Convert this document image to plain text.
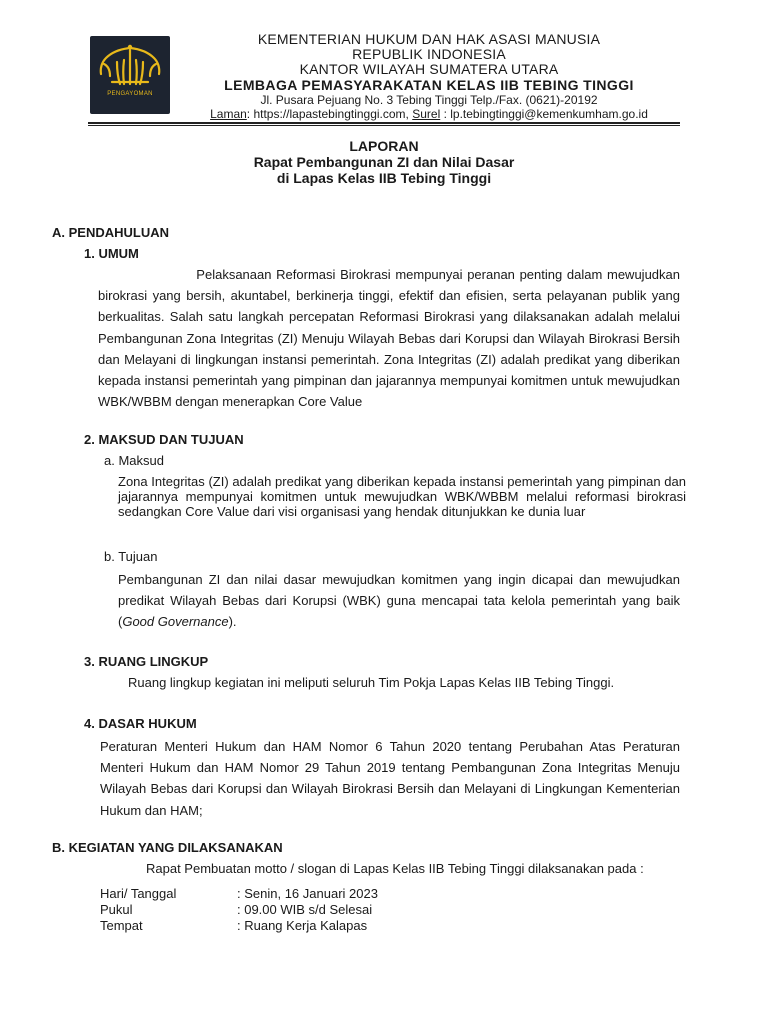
PENGAYOMAN
KEMENTERIAN HUKUM DAN HAK ASASI MANUSIA
REPUBLIK INDONESIA
KANTOR WILAYAH SUMATERA UTARA
LEMBAGA PEMASYARAKATAN KELAS IIB TEBING TINGGI
Jl. Pusara Pejuang No. 3 Tebing Tinggi Telp./Fax. (0621)-20192
Laman: https://lapastebingtinggi.com, Surel : lp.tebingtinggi@kemenkumham.go.id
LAPORAN
Rapat Pembangunan ZI dan Nilai Dasar
di Lapas Kelas IIB Tebing Tinggi
A. PENDAHULUAN
1. UMUM
Pelaksanaan Reformasi Birokrasi mempunyai peranan penting dalam mewujudkan birokrasi yang bersih, akuntabel, berkinerja tinggi, efektif dan efisien, serta pelayanan publik yang berkualitas. Salah satu langkah percepatan Reformasi Birokrasi yang dilaksanakan adalah melalui Pembangunan Zona Integritas (ZI) Menuju Wilayah Bebas dari Korupsi dan Wilayah Birokrasi Bersih dan Melayani di lingkungan instansi pemerintah. Zona Integritas (ZI) adalah predikat yang diberikan kepada instansi pemerintah yang pimpinan dan jajarannya mempunyai komitmen untuk mewujudkan WBK/WBBM dengan menerapkan Core Value
2. MAKSUD DAN TUJUAN
a. Maksud
Zona Integritas (ZI) adalah predikat yang diberikan kepada instansi pemerintah yang pimpinan dan jajarannya mempunyai komitmen untuk mewujudkan WBK/WBBM melalui reformasi birokrasi sedangkan Core Value dari visi organisasi yang hendak ditunjukkan ke dunia luar
b. Tujuan
Pembangunan ZI dan nilai dasar mewujudkan komitmen yang ingin dicapai dan mewujudkan predikat Wilayah Bebas dari Korupsi (WBK) guna mencapai tata kelola pemerintah yang baik (Good Governance).
3. RUANG LINGKUP
Ruang lingkup kegiatan ini meliputi seluruh Tim Pokja Lapas Kelas IIB Tebing Tinggi.
4. DASAR HUKUM
Peraturan Menteri Hukum dan HAM Nomor 6 Tahun 2020 tentang Perubahan Atas Peraturan Menteri Hukum dan HAM Nomor 29 Tahun 2019 tentang Pembangunan Zona Integritas Menuju Wilayah Bebas dari Korupsi dan Wilayah Birokrasi Bersih dan Melayani di Lingkungan Kementerian Hukum dan HAM;
B. KEGIATAN YANG DILAKSANAKAN
Rapat Pembuatan motto / slogan di Lapas Kelas IIB Tebing Tinggi dilaksanakan pada :
Hari/ Tanggal	: Senin, 16 Januari 2023
Pukul	: 09.00 WIB s/d Selesai
Tempat	: Ruang Kerja Kalapas
